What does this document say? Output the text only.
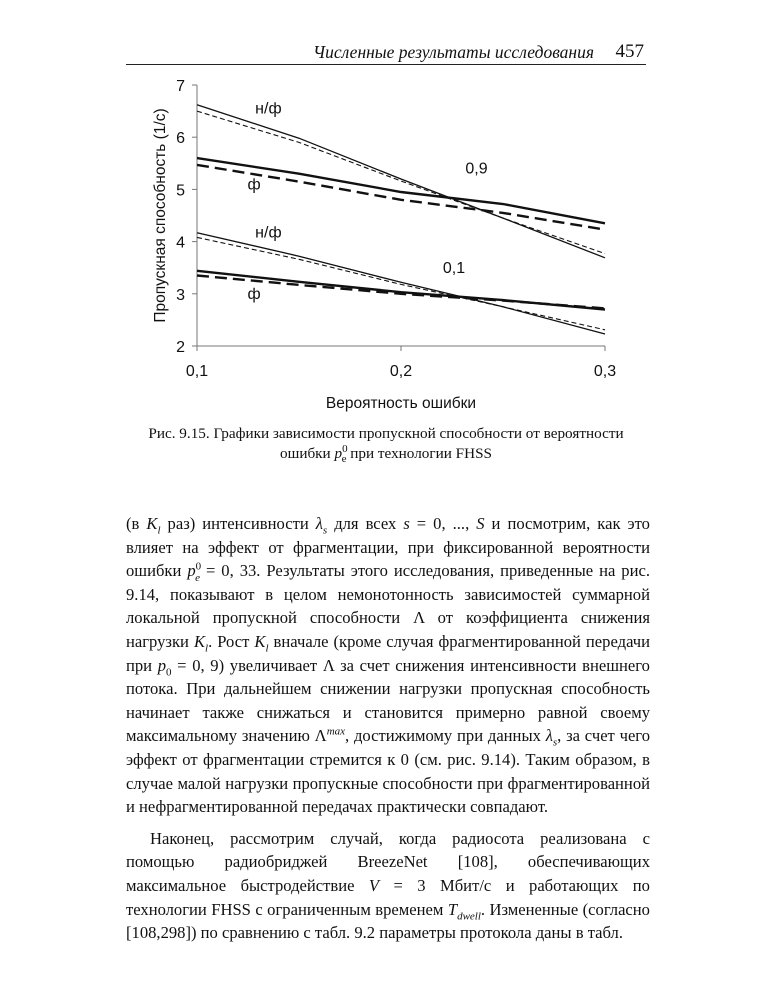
Численные результаты исследования 457
2
3
4
5
6
7
0,1	0,2	0,3
Вероятность ошибки
Пропускная способность (1/с)	н/ф
ф
0,9
н/ф
ф
0,1
Рис. 9.15. Графики зависимости пропускной способности от вероятности
ошибки $p^0_e$ при технологии FHSS

(в $K_l$ раз) интенсивности $\lambda_s$ для всех s = 0, ..., S и посмотрим, как это влияет на эффект от фрагментации, при фиксированной вероятности ошибки $p^0_e = 0$, 33. Результаты этого исследования, приведенные на рис. 9.14, показывают в целом немонотонность зависимостей суммарной локальной пропускной способности Λ от коэффициента снижения нагрузки $K_l$. Рост $K_l$ вначале (кроме случая фрагментированной передачи при $p_0 = 0$, 9) увеличивает Λ за счет снижения интенсивности внешнего потока. При дальнейшем снижении нагрузки пропускная способность начинает также снижаться и становится примерно равной своему максимальному значению $\Lambda^{max}$, достижимому при данных $\lambda_s$, за счет чего эффект от фрагментации стремится к 0 (см. рис. 9.14). Таким образом, в случае малой нагрузки пропускные способности при фрагментированной и нефрагментированной передачах практически совпадают.

Наконец, рассмотрим случай, когда радиосота реализована с помощью радиобриджей BreezeNet [108], обеспечивающих максимальное быстродействие V = 3 Мбит/с и работающих по технологии FHSS с ограниченным временем $T_{dwell}$. Измененные (согласно [108,298]) по сравнению с табл. 9.2 параметры протокола даны в табл.
